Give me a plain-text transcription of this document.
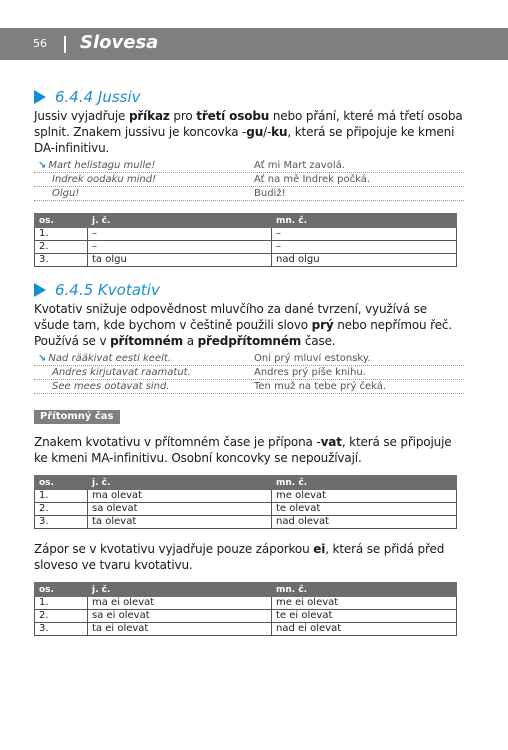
56 Slovesa
6.4.4 Jussiv

Jussiv vyjadřuje příkaz pro třetí osobu nebo přání, které má třetí osoba splnit. Znakem jussivu je koncovka -gu/-ku, která se připojuje ke kmeni DA-infinitivu.

↘ Mart helistagu mulle!	Ať mi Mart zavolá.
Indrek oodaku mind!	Ať na mě Indrek počká.
Olgu!	Budiž!
os.	j. č.	mn. č.
1.	–	–
2.	–	–
3.	ta olgu	nad olgu
6.4.5 Kvotativ

Kvotativ snižuje odpovědnost mluvčího za dané tvrzení, využívá se všude tam, kde bychom v češtině použili slovo prý nebo nepřímou řeč. Používá se v přítomném a předpřítomném čase.

↘ Nad rääkivat eesti keelt.	Oni prý mluví estonsky.
Andres kirjutavat raamatut.	Andres prý píše knihu.
See mees ootavat sind.	Ten muž na tebe prý čeká.
Přítomný čas

Znakem kvotativu v přítomném čase je přípona -vat, která se připojuje ke kmeni MA-infinitivu. Osobní koncovky se nepoužívají.

os.	j. č.	mn. č.
1.	ma olevat	me olevat
2.	sa olevat	te olevat
3.	ta olevat	nad olevat

Zápor se v kvotativu vyjadřuje pouze záporkou ei, která se přidá před sloveso ve tvaru kvotativu.

os.	j. č.	mn. č.
1.	ma ei olevat	me ei olevat
2.	sa ei olevat	te ei olevat
3.	ta ei olevat	nad ei olevat
